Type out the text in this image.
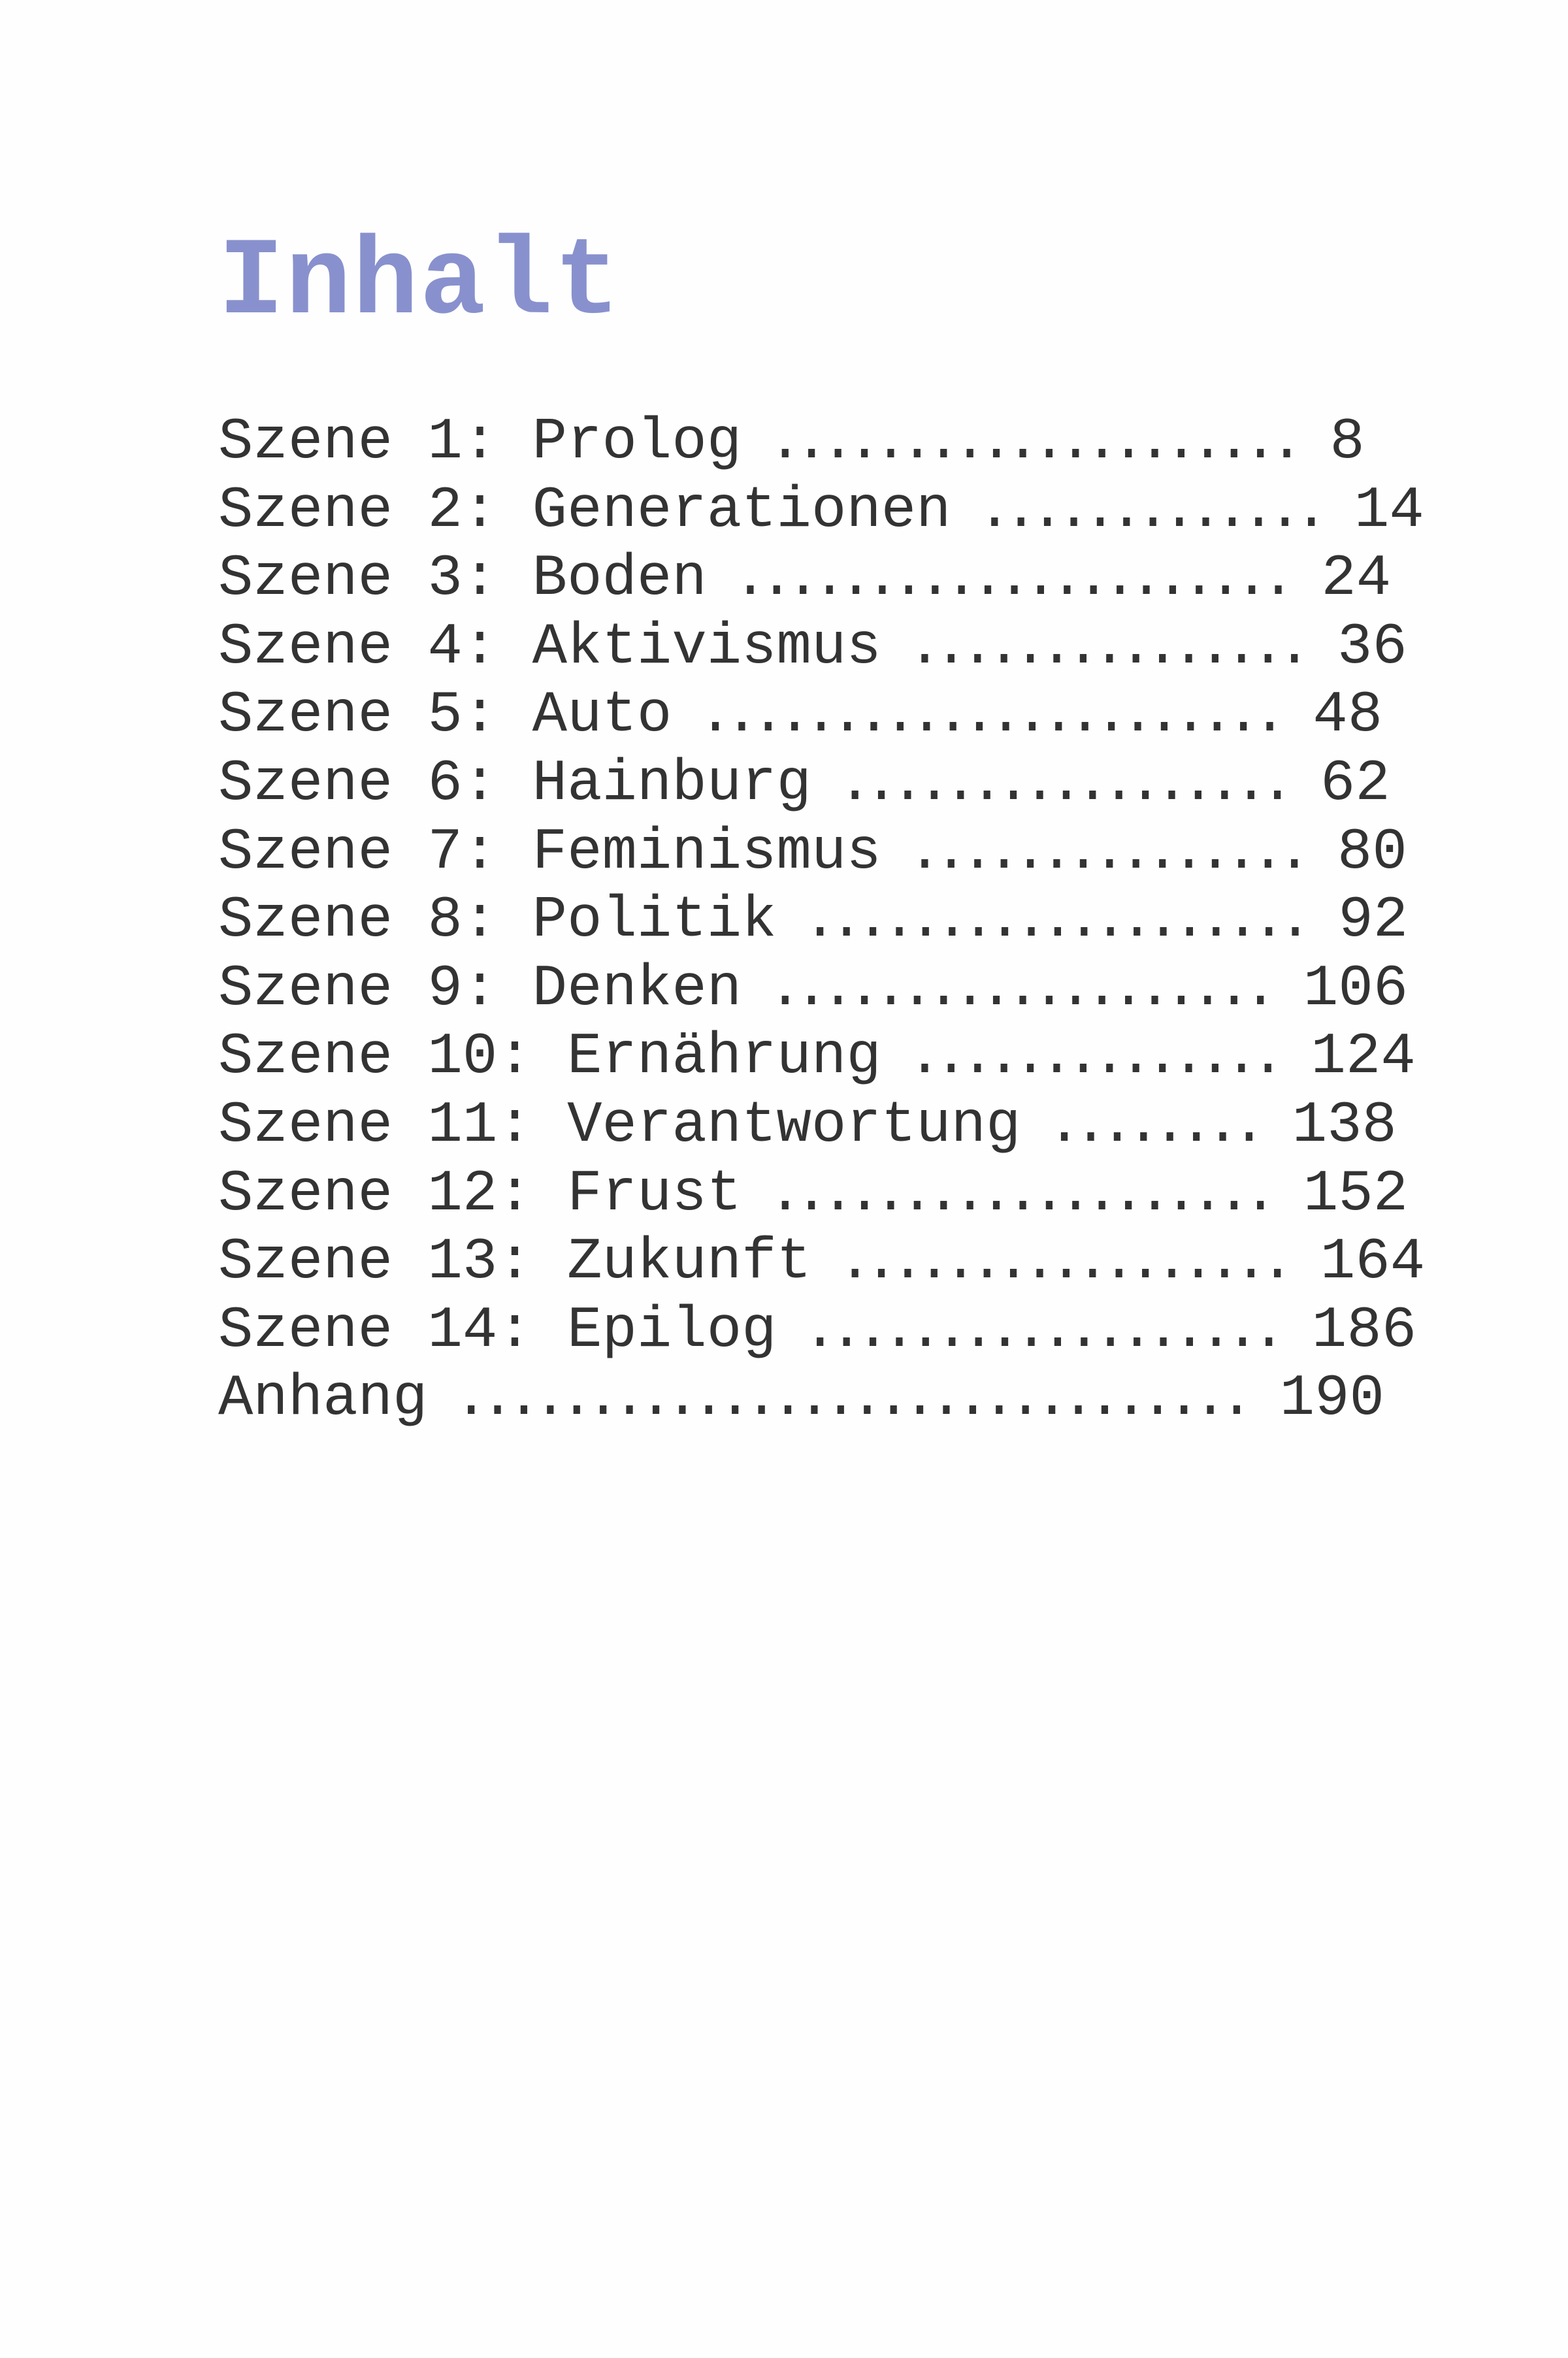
Inhalt
Szene 1: Prolog .................... 8
Szene 2: Generationen ............. 14
Szene 3: Boden ..................... 24
Szene 4: Aktivismus ............... 36
Szene 5: Auto ...................... 48
Szene 6: Hainburg ................. 62
Szene 7: Feminismus ............... 80
Szene 8: Politik ................... 92
Szene 9: Denken ................... 106
Szene 10: Ernährung .............. 124
Szene 11: Verantwortung ........ 138
Szene 12: Frust ................... 152
Szene 13: Zukunft ................. 164
Szene 14: Epilog .................. 186
Anhang .............................. 190
